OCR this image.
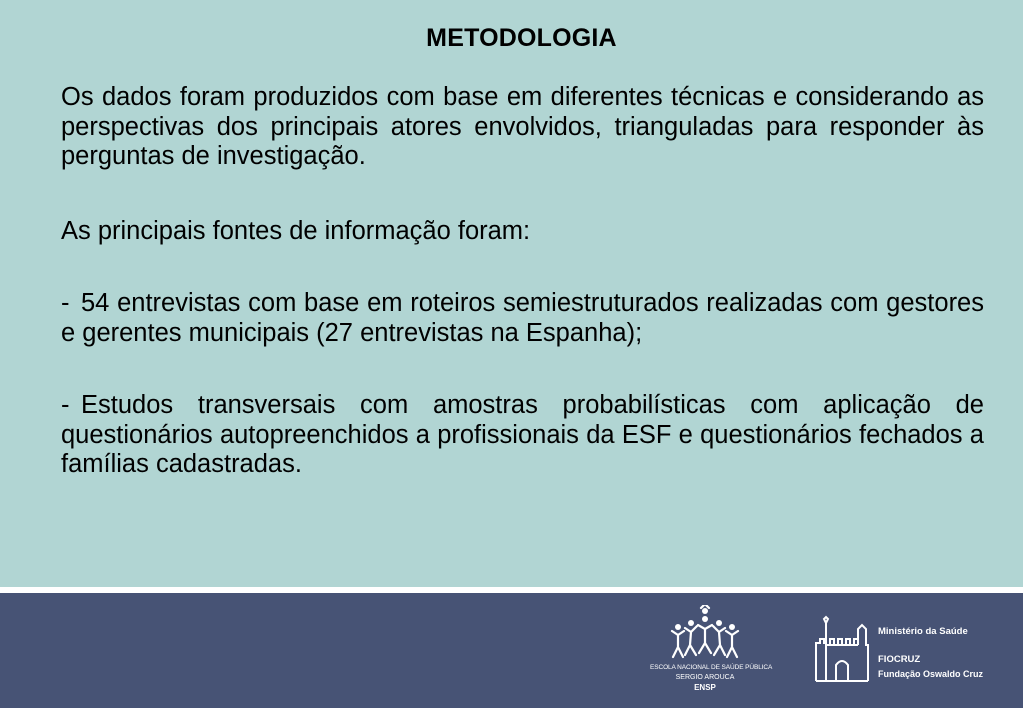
METODOLOGIA

Os dados foram produzidos com base em diferentes técnicas e considerando as perspectivas dos principais atores envolvidos, trianguladas para responder às perguntas de investigação.

As principais fontes de informação foram:

- 54 entrevistas com base em roteiros semiestruturados realizadas com gestores e gerentes municipais (27 entrevistas na Espanha);

- Estudos transversais com amostras probabilísticas com aplicação de questionários autopreenchidos a profissionais da ESF e questionários fechados a famílias cadastradas.

ESCOLA NACIONAL DE SAÚDE PÚBLICA
SERGIO AROUCA
ENSP
Ministério da Saúde
FIOCRUZ
Fundação Oswaldo Cruz
